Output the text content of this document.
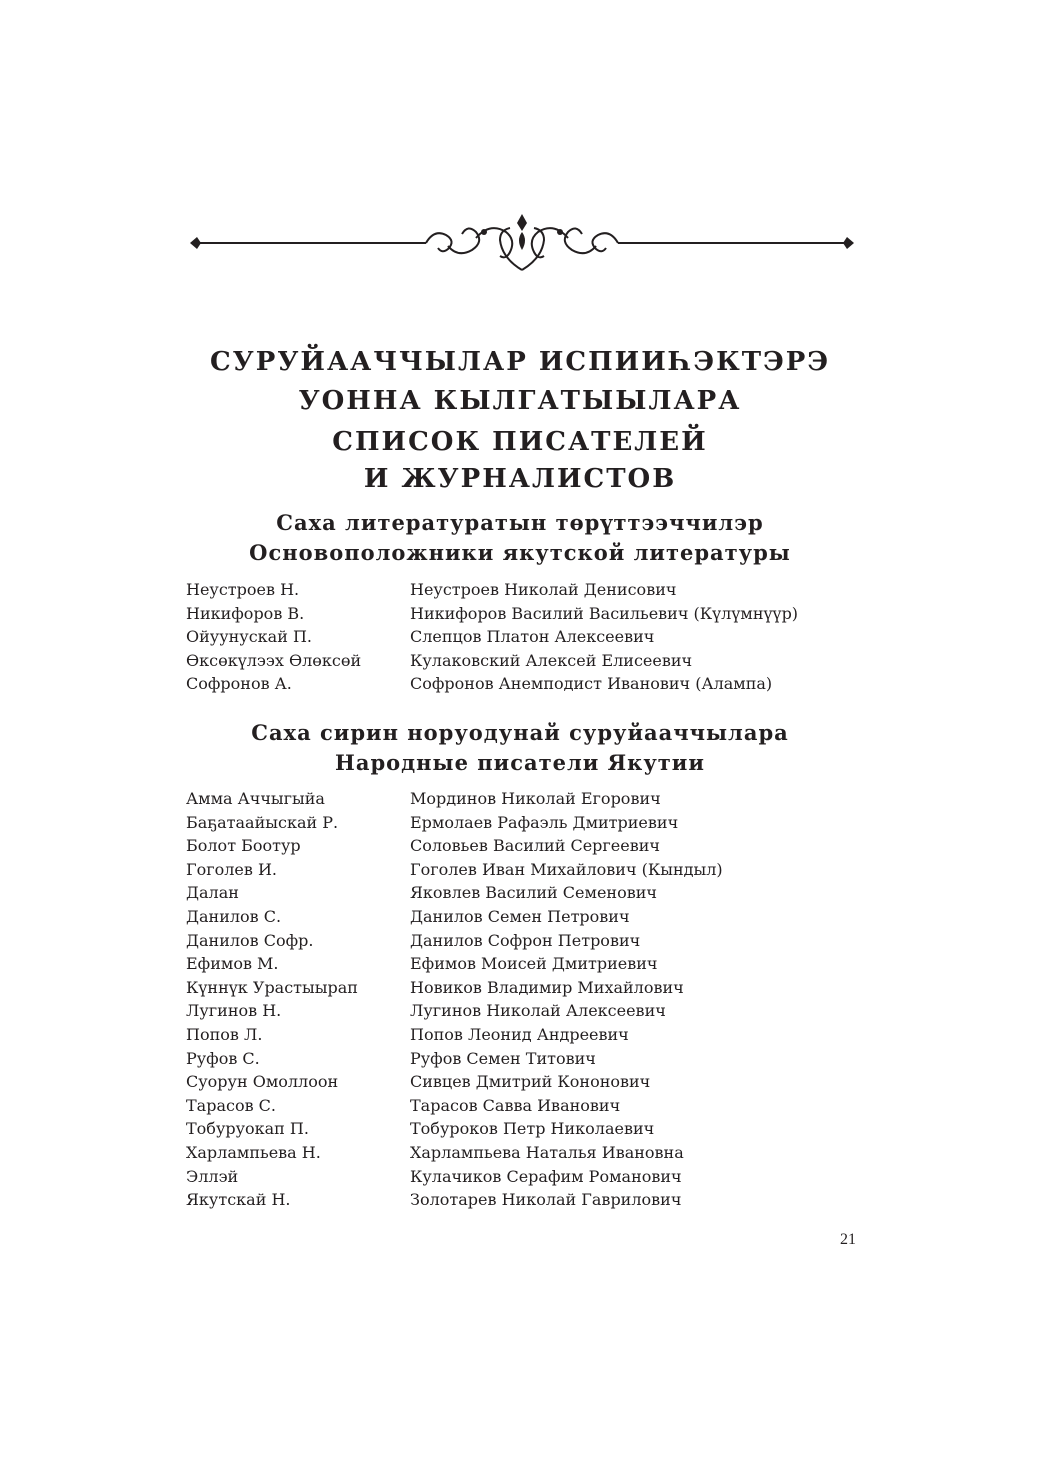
СУРУЙААЧЧЫЛАР ИСПИИҺЭКТЭРЭ
УОННА КЫЛГАТЫЫЛАРА
СПИСОК ПИСАТЕЛЕЙ
И ЖУРНАЛИСТОВ
Саха литературатын төрүттээччилэр
Основоположники якутской литературы
Неустроев Н.	Неустроев Николай Денисович
Никифоров В.	Никифоров Василий Васильевич (Күлүмнүүр)
Ойуунускай П.	Слепцов Платон Алексеевич
Өксөкүлээх Өлөксөй	Кулаковский Алексей Елисеевич
Софронов А.	Софронов Анемподист Иванович (Алампа)
Саха сирин норуодунай суруйааччылара
Народные писатели Якутии
Амма Аччыгыйа	Мординов Николай Егорович
Баҕатаайыскай Р.	Ермолаев Рафаэль Дмитриевич
Болот Боотур	Соловьев Василий Сергеевич
Гоголев И.	Гоголев Иван Михайлович (Кындыл)
Далан	Яковлев Василий Семенович
Данилов С.	Данилов Семен Петрович
Данилов Софр.	Данилов Софрон Петрович
Ефимов М.	Ефимов Моисей Дмитриевич
Күннүк Урастыырап	Новиков Владимир Михайлович
Лугинов Н.	Лугинов Николай Алексеевич
Попов Л.	Попов Леонид Андреевич
Руфов С.	Руфов Семен Титович
Суорун Омоллоон	Сивцев Дмитрий Кононович
Тарасов С.	Тарасов Савва Иванович
Тобуруокап П.	Тобуроков Петр Николаевич
Харлампьева Н.	Харлампьева Наталья Ивановна
Эллэй	Кулачиков Серафим Романович
Якутскай Н.	Золотарев Николай Гаврилович
21
